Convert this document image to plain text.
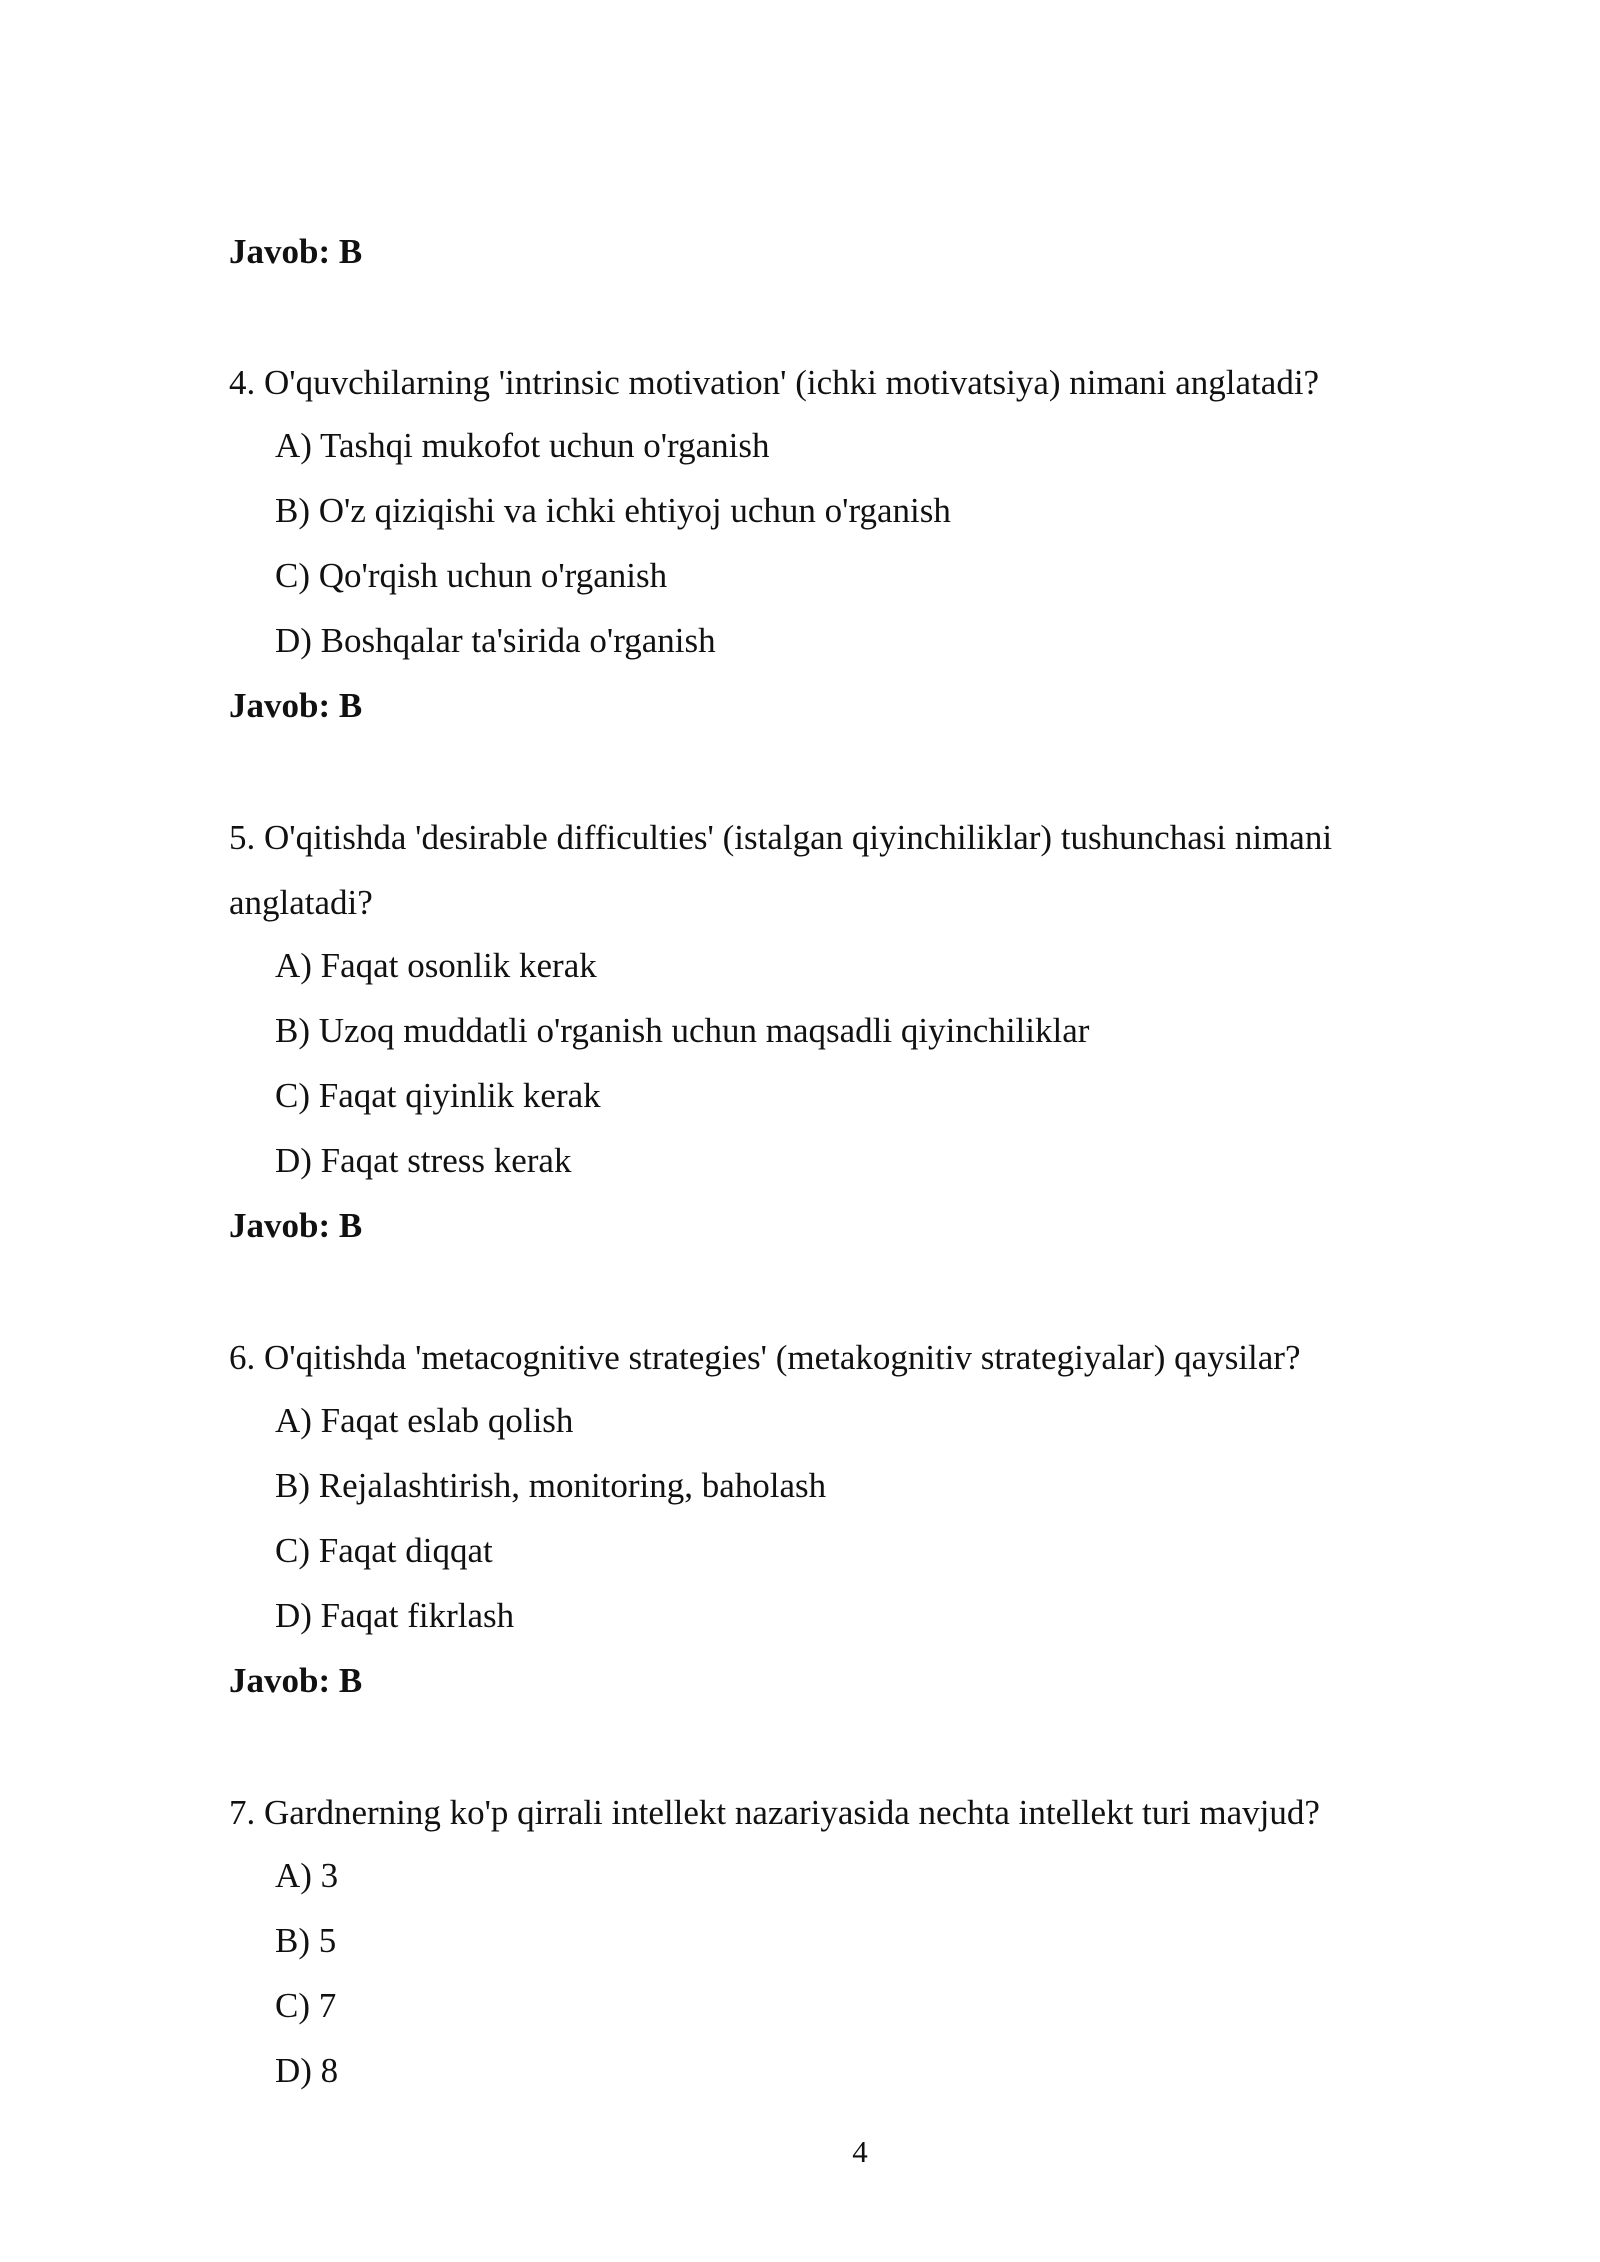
Javob: B

4. O'quvchilarning 'intrinsic motivation' (ichki motivatsiya) nimani anglatadi?

A) Tashqi mukofot uchun o'rganish
B) O'z qiziqishi va ichki ehtiyoj uchun o'rganish
C) Qo'rqish uchun o'rganish
D) Boshqalar ta'sirida o'rganish
Javob: B

5. O'qitishda 'desirable difficulties' (istalgan qiyinchiliklar) tushunchasi nimani anglatadi?

A) Faqat osonlik kerak
B) Uzoq muddatli o'rganish uchun maqsadli qiyinchiliklar
C) Faqat qiyinlik kerak
D) Faqat stress kerak
Javob: B

6. O'qitishda 'metacognitive strategies' (metakognitiv strategiyalar) qaysilar?

A) Faqat eslab qolish
B) Rejalashtirish, monitoring, baholash
C) Faqat diqqat
D) Faqat fikrlash
Javob: B

7. Gardnerning ko'p qirrali intellekt nazariyasida nechta intellekt turi mavjud?

A) 3
B) 5
C) 7
D) 8
4
